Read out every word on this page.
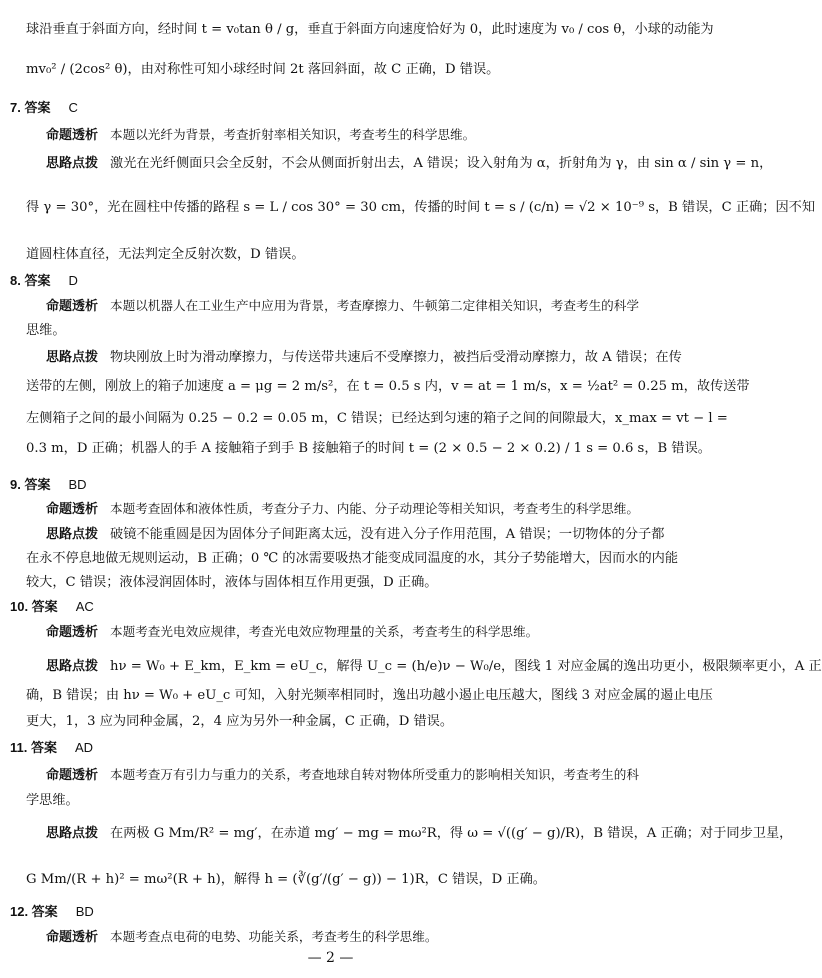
球沿垂直于斜面方向，经时间 t = v₀tan θ / g，垂直于斜面方向速度恰好为 0，此时速度为 v₀ / cos θ，小球的动能为
mv₀² / (2cos² θ)，由对称性可知小球经时间 2t 落回斜面，故 C 正确，D 错误。
7. 答案 C
命题透析 本题以光纤为背景，考查折射率相关知识，考查考生的科学思维。
思路点拨 激光在光纤侧面只会全反射，不会从侧面折射出去，A 错误；设入射角为 α，折射角为 γ，由 sin α / sin γ = n，
得 γ = 30°，光在圆柱中传播的路程 s = L / cos 30° = 30 cm，传播的时间 t = s / (c/n) = √2 × 10⁻⁹ s，B 错误，C 正确；因不知
道圆柱体直径，无法判定全反射次数，D 错误。
8. 答案 D
命题透析 本题以机器人在工业生产中应用为背景，考查摩擦力、牛顿第二定律相关知识，考查考生的科学
思维。
思路点拨 物块刚放上时为滑动摩擦力，与传送带共速后不受摩擦力，被挡后受滑动摩擦力，故 A 错误；在传
送带的左侧，刚放上的箱子加速度 a = μg = 2 m/s²，在 t = 0.5 s 内，v = at = 1 m/s，x = ½at² = 0.25 m，故传送带
左侧箱子之间的最小间隔为 0.25 − 0.2 = 0.05 m，C 错误；已经达到匀速的箱子之间的间隙最大，x_max = vt − l =
0.3 m，D 正确；机器人的手 A 接触箱子到手 B 接触箱子的时间 t = (2 × 0.5 − 2 × 0.2) / 1 s = 0.6 s，B 错误。
9. 答案 BD
命题透析 本题考查固体和液体性质，考查分子力、内能、分子动理论等相关知识，考查考生的科学思维。
思路点拨 破镜不能重圆是因为固体分子间距离太远，没有进入分子作用范围，A 错误；一切物体的分子都
在永不停息地做无规则运动，B 正确；0 ℃ 的冰需要吸热才能变成同温度的水，其分子势能增大，因而水的内能
较大，C 错误；液体浸润固体时，液体与固体相互作用更强，D 正确。
10. 答案 AC
命题透析 本题考查光电效应规律，考查光电效应物理量的关系，考查考生的科学思维。
思路点拨 hν = W₀ + E_km，E_km = eU_c，解得 U_c = (h/e)ν − W₀/e，图线 1 对应金属的逸出功更小，极限频率更小，A 正
确，B 错误；由 hν = W₀ + eU_c 可知，入射光频率相同时，逸出功越小遏止电压越大，图线 3 对应金属的遏止电压
更大，1，3 应为同种金属，2，4 应为另外一种金属，C 正确，D 错误。
11. 答案 AD
命题透析 本题考查万有引力与重力的关系，考查地球自转对物体所受重力的影响相关知识，考查考生的科
学思维。
思路点拨 在两极 G Mm/R² = mg′，在赤道 mg′ − mg = mω²R，得 ω = √((g′ − g)/R)，B 错误，A 正确；对于同步卫星，
G Mm/(R + h)² = mω²(R + h)，解得 h = (∛(g′/(g′ − g)) − 1)R，C 错误，D 正确。
12. 答案 BD
命题透析 本题考查点电荷的电势、功能关系，考查考生的科学思维。
— 2 —
